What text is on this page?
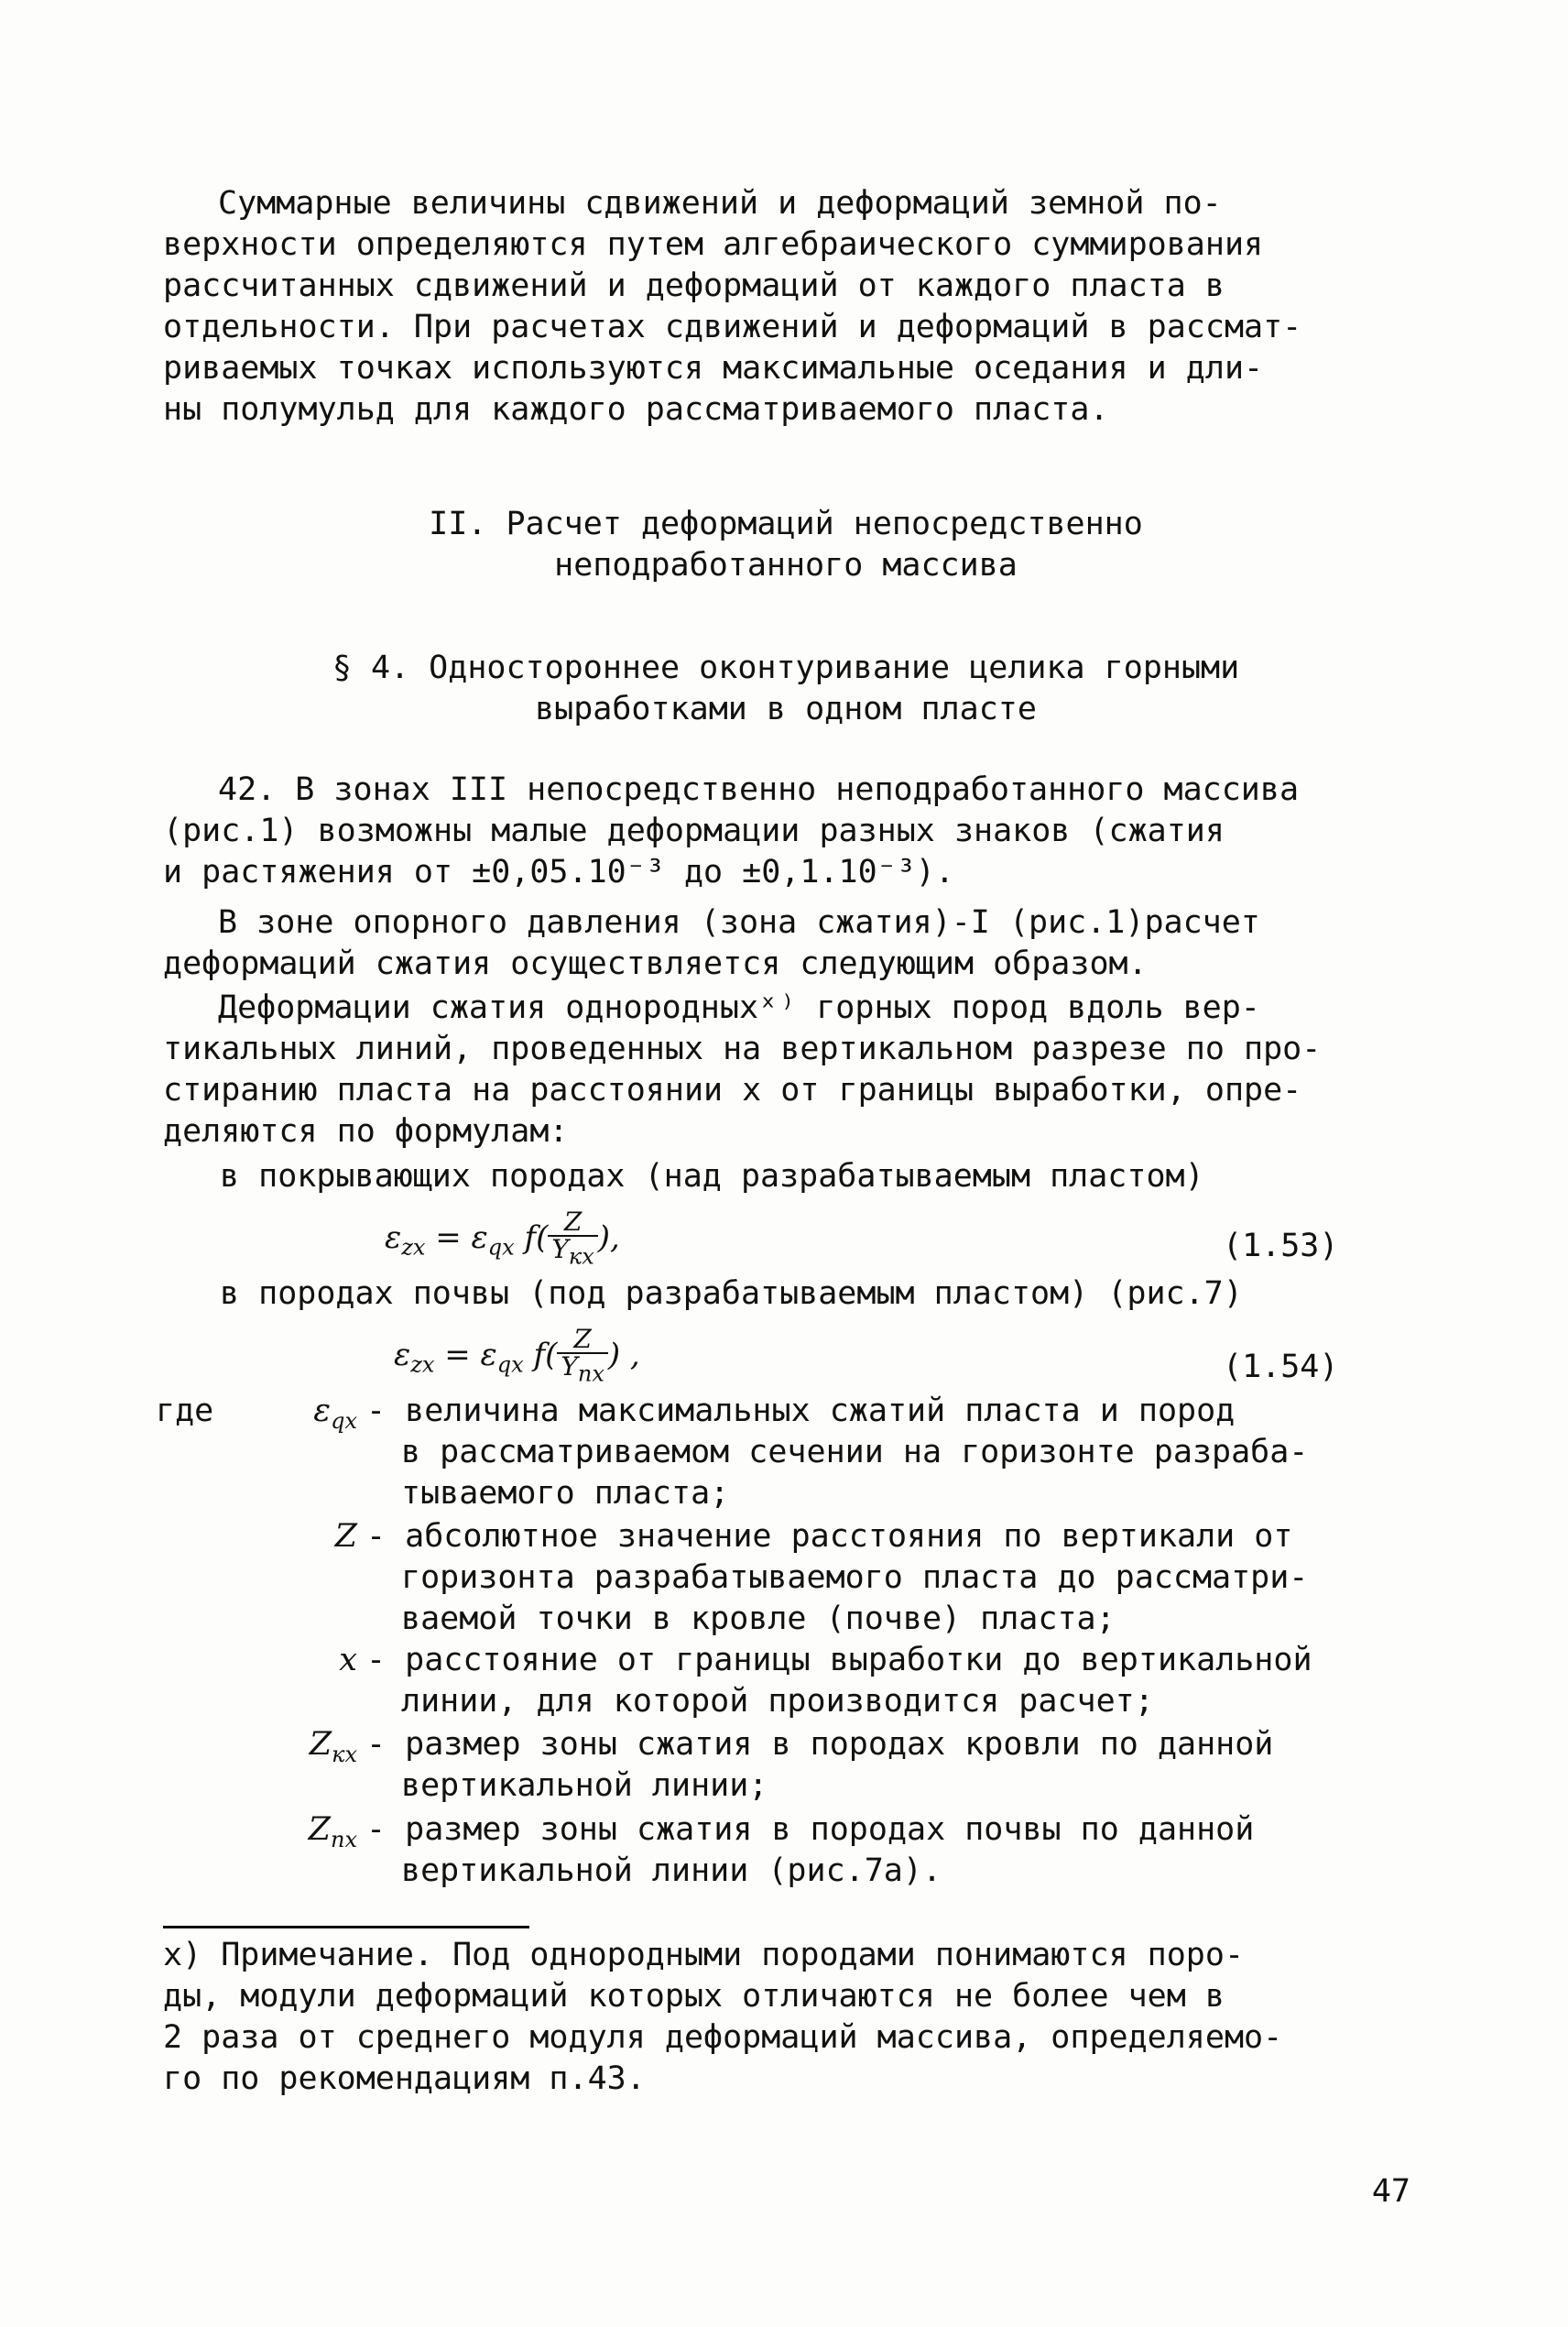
Суммарные величины сдвижений и деформаций земной по-
верхности определяются путем алгебраического суммирования
рассчитанных сдвижений и деформаций от каждого пласта в
отдельности. При расчетах сдвижений и деформаций в рассмат-
риваемых точках используются максимальные оседания и дли-
ны полумульд для каждого рассматриваемого пласта.
II. Расчет деформаций непосредственно
неподработанного массива
§ 4. Одностороннее оконтуривание целика горными
выработками в одном пласте
42. В зонах III непосредственно неподработанного массива
(рис.1) возможны малые деформации разных знаков (сжатия
и растяжения от ±0,05.10⁻³ до ±0,1.10⁻³).
В зоне опорного давления (зона сжатия)-I (рис.1)расчет
деформаций сжатия осуществляется следующим образом.
Деформации сжатия однородныхˣ⁾ горных пород вдоль вер-
тикальных линий, проведенных на вертикальном разрезе по про-
стиранию пласта на расстоянии x от границы выработки, опре-
деляются по формулам:
в покрывающих породах (над разрабатываемым пластом)
$\varepsilon_{zx} = \varepsilon_{qx}$ $f( \frac{Z}{Y_{кx}}$ ),	(1.53)
в породах почвы (под разрабатываемым пластом) (рис.7)
$\varepsilon_{zx} = \varepsilon_{qx}$ $f( \frac{Z}{Y_{пx}}$ ) ,	(1.54)
где	$\varepsilon_{qx}$ - величина максимальных сжатий пласта и пород
в рассматриваемом сечении на горизонте разраба-
тываемого пласта;
Z - абсолютное значение расстояния по вертикали от
горизонта разрабатываемого пласта до рассматри-
ваемой точки в кровле (почве) пласта;
x - расстояние от границы выработки до вертикальной
линии, для которой производится расчет;
$Z_{кx}$ - размер зоны сжатия в породах кровли по данной
вертикальной линии;
$Z_{пx}$ - размер зоны сжатия в породах почвы по данной
вертикальной линии (рис.7а).
x) Примечание. Под однородными породами понимаются поро-
ды, модули деформаций которых отличаются не более чем в
2 раза от среднего модуля деформаций массива, определяемо-
го по рекомендациям п.43.
47
